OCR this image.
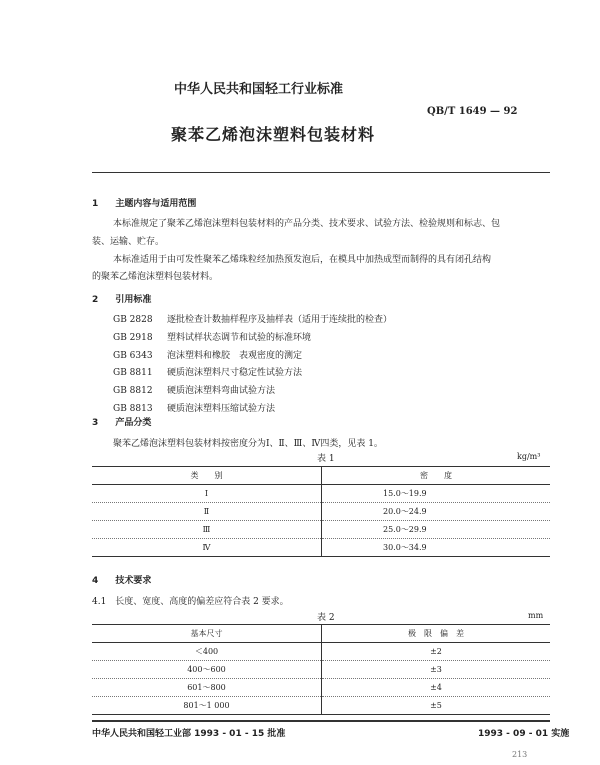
中华人民共和国轻工行业标准
QB/T 1649 — 92
聚苯乙烯泡沫塑料包装材料
1 主题内容与适用范围
本标准规定了聚苯乙烯泡沫塑料包装材料的产品分类、技术要求、试验方法、检验规则和标志、包
装、运输、贮存。
本标准适用于由可发性聚苯乙烯珠粒经加热预发泡后，在模具中加热成型而制得的具有闭孔结构
的聚苯乙烯泡沫塑料包装材料。
2 引用标准
GB 2828 逐批检查计数抽样程序及抽样表（适用于连续批的检查）
GB 2918 塑料试样状态调节和试验的标准环境
GB 6343 泡沫塑料和橡胶　表观密度的测定
GB 8811 硬质泡沫塑料尺寸稳定性试验方法
GB 8812 硬质泡沫塑料弯曲试验方法
GB 8813 硬质泡沫塑料压缩试验方法
3 产品分类
聚苯乙烯泡沫塑料包装材料按密度分为Ⅰ、Ⅱ、Ⅲ、Ⅳ四类，见表 1。
表 1	kg/m³
类　　别	密　　度
Ⅰ	15.0～19.9
Ⅱ	20.0～24.9
Ⅲ	25.0～29.9
Ⅳ	30.0～34.9
4 技术要求
4.1 长度、宽度、高度的偏差应符合表 2 要求。
表 2	mm
基本尺寸	极　限　偏　差
＜400	±2
400～600	±3
601～800	±4
801～1 000	±5
中华人民共和国轻工业部 1993 - 01 - 15 批准	1993 - 09 - 01 实施
213
